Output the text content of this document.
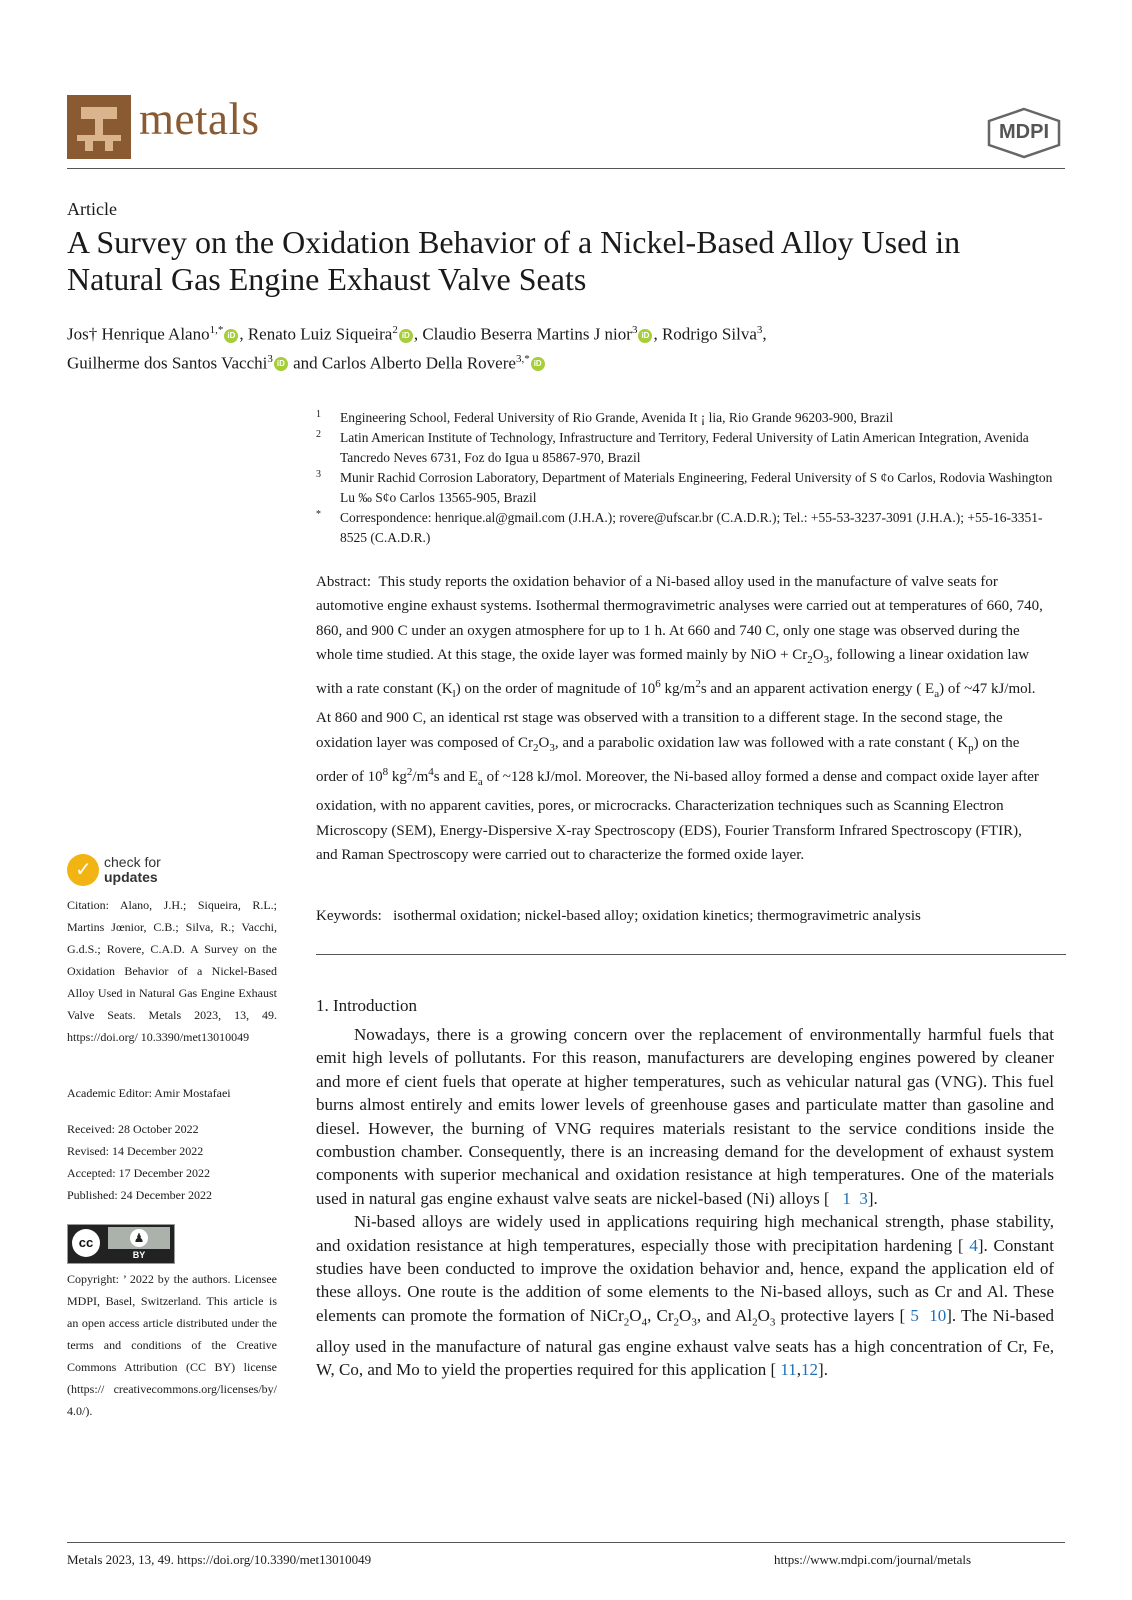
metals	MDPI
Article
A Survey on the Oxidation Behavior of a Nickel-Based Alloy Used in Natural Gas Engine Exhaust Valve Seats
Jos† Henrique Alano$^{1,*}$ iD , Renato Luiz Siqueira$^2$ iD , Claudio Beserra Martins J nior$^3$ iD , Rodrigo Silva$^3$,
Guilherme dos Santos Vacchi$^3$ iD and Carlos Alberto Della Rovere$^{3,*}$ iD
1 Engineering School, Federal University of Rio Grande, Avenida It ¡ lia, Rio Grande 96203-900, Brazil
2 Latin American Institute of Technology, Infrastructure and Territory, Federal University of Latin American Integration, Avenida Tancredo Neves 6731, Foz do Igua u 85867-970, Brazil
3 Munir Rachid Corrosion Laboratory, Department of Materials Engineering, Federal University of S ¢o Carlos, Rodovia Washington Lu ‰ S¢o Carlos 13565-905, Brazil
* Correspondence: henrique.al@gmail.com (J.H.A.); rovere@ufscar.br (C.A.D.R.); Tel.: +55-53-3237-3091 (J.H.A.); +55-16-3351-8525 (C.A.D.R.)
Abstract: This study reports the oxidation behavior of a Ni-based alloy used in the manufacture of valve seats for automotive engine exhaust systems. Isothermal thermogravimetric analyses were carried out at temperatures of 660, 740, 860, and 900 C under an oxygen atmosphere for up to 1 h. At 660 and 740 C, only one stage was observed during the whole time studied. At this stage, the oxide layer was formed mainly by NiO + $Cr_2O_3$, following a linear oxidation law with a rate constant $(K_l)$ on the order of magnitude of $10^6$ $kg/m^2s$ and an apparent activation energy ( $E_a$) of ~47 kJ/mol. At 860 and 900 C, an identical rst stage was observed with a transition to a different stage. In the second stage, the oxidation layer was composed of $Cr_2O_3$, and a parabolic oxidation law was followed with a rate constant ( $K_p$) on the order of $10^8$ $kg^2/m^4s$ and $E_a$ of ~128 kJ/mol. Moreover, the Ni-based alloy formed a dense and compact oxide layer after oxidation, with no apparent cavities, pores, or microcracks. Characterization techniques such as Scanning Electron Microscopy (SEM), Energy-Dispersive X-ray Spectroscopy (EDS), Fourier Transform Infrared Spectroscopy (FTIR), and Raman Spectroscopy were carried out to characterize the formed oxide layer.
Keywords: isothermal oxidation; nickel-based alloy; oxidation kinetics; thermogravimetric analysis
✓ check for
updates
Citation: Alano, J.H.; Siqueira, R.L.; Martins Jœnior, C.B.; Silva, R.; Vacchi, G.d.S.; Rovere, C.A.D. A Survey on the Oxidation Behavior of a Nickel-Based Alloy Used in Natural Gas Engine Exhaust Valve Seats. Metals 2023, 13, 49. https://doi.org/ 10.3390/met13010049
Academic Editor: Amir Mostafaei
Received: 28 October 2022
Revised: 14 December 2022
Accepted: 17 December 2022
Published: 24 December 2022
cc	♟
BY
Copyright: ’ 2022 by the authors. Licensee MDPI, Basel, Switzerland. This article is an open access article distributed under the terms and conditions of the Creative Commons Attribution (CC BY) license (https:// creativecommons.org/licenses/by/ 4.0/).
1. Introduction

Nowadays, there is a growing concern over the replacement of environmentally harmful fuels that emit high levels of pollutants. For this reason, manufacturers are developing engines powered by cleaner and more ef cient fuels that operate at higher temperatures, such as vehicular natural gas (VNG). This fuel burns almost entirely and emits lower levels of greenhouse gases and particulate matter than gasoline and diesel. However, the burning of VNG requires materials resistant to the service conditions inside the combustion chamber. Consequently, there is an increasing demand for the development of exhaust system components with superior mechanical and oxidation resistance at high temperatures. One of the materials used in natural gas engine exhaust valve seats are nickel-based (Ni) alloys [ 1 3].

Ni-based alloys are widely used in applications requiring high mechanical strength, phase stability, and oxidation resistance at high temperatures, especially those with precipitation hardening [ 4]. Constant studies have been conducted to improve the oxidation behavior and, hence, expand the application eld of these alloys. One route is the addition of some elements to the Ni-based alloys, such as Cr and Al. These elements can promote the formation of $NiCr_2O_4$, $Cr_2O_3$, and $Al_2O_3$ protective layers [ 5 10]. The Ni-based alloy used in the manufacture of natural gas engine exhaust valve seats has a high concentration of Cr, Fe, W, Co, and Mo to yield the properties required for this application [ 11,12].

Metals 2023, 13, 49. https://doi.org/10.3390/met13010049	https://www.mdpi.com/journal/metals
